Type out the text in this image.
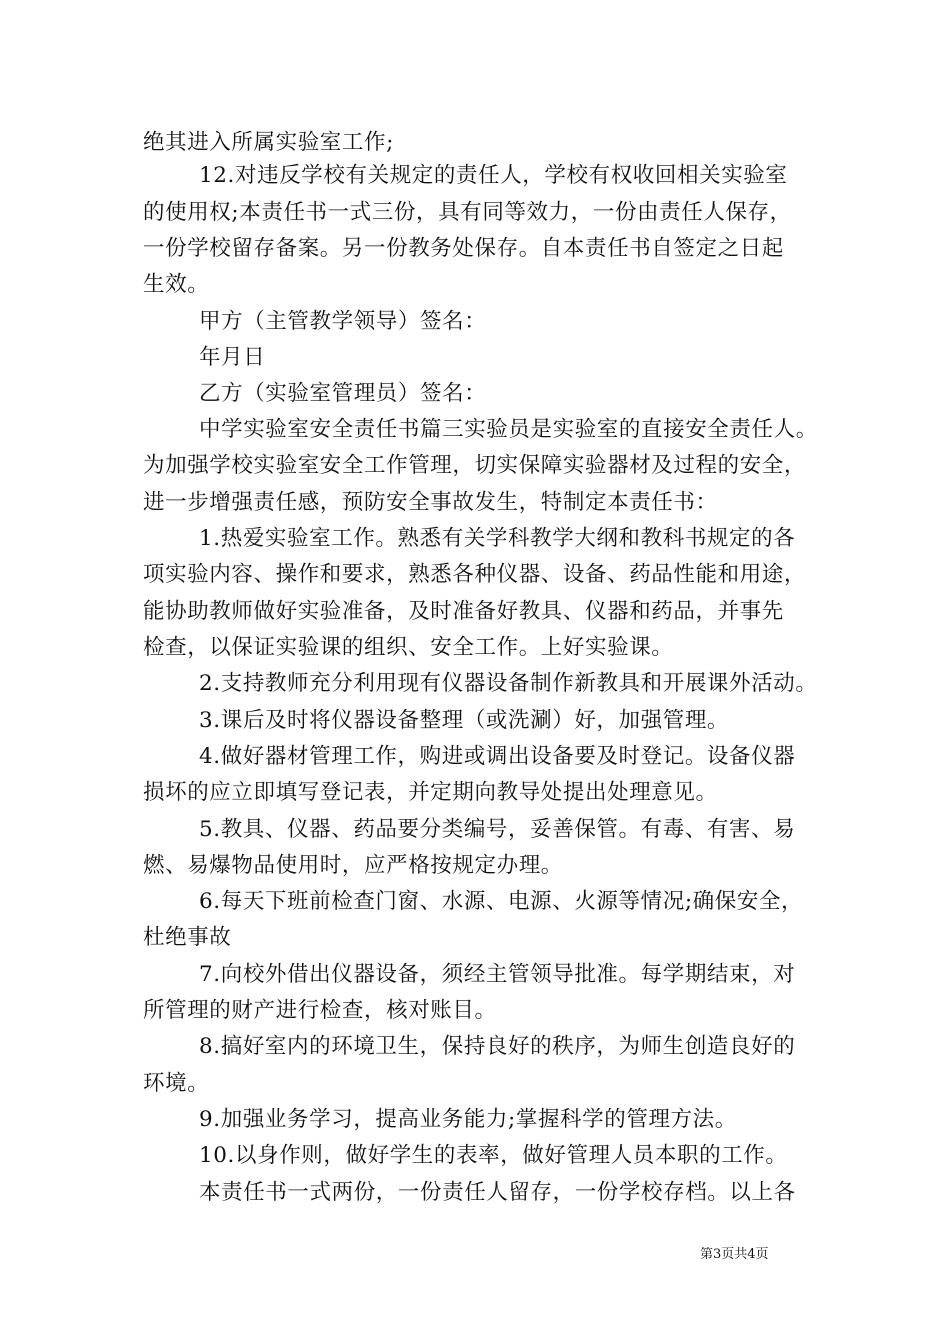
绝其进入所属实验室工作;

12.对违反学校有关规定的责任人，学校有权收回相关实验室

的使用权;本责任书一式三份，具有同等效力，一份由责任人保存，

一份学校留存备案。另一份教务处保存。自本责任书自签定之日起

生效。

甲方（主管教学领导）签名：

年月日

乙方（实验室管理员）签名：

中学实验室安全责任书篇三实验员是实验室的直接安全责任人。

为加强学校实验室安全工作管理，切实保障实验器材及过程的安全，

进一步增强责任感，预防安全事故发生，特制定本责任书：

1.热爱实验室工作。熟悉有关学科教学大纲和教科书规定的各

项实验内容、操作和要求，熟悉各种仪器、设备、药品性能和用途，

能协助教师做好实验准备，及时准备好教具、仪器和药品，并事先

检查，以保证实验课的组织、安全工作。上好实验课。

2.支持教师充分利用现有仪器设备制作新教具和开展课外活动。

3.课后及时将仪器设备整理（或洗涮）好，加强管理。

4.做好器材管理工作，购进或调出设备要及时登记。设备仪器

损坏的应立即填写登记表，并定期向教导处提出处理意见。

5.教具、仪器、药品要分类编号，妥善保管。有毒、有害、易

燃、易爆物品使用时，应严格按规定办理。

6.每天下班前检查门窗、水源、电源、火源等情况;确保安全，

杜绝事故

7.向校外借出仪器设备，须经主管领导批准。每学期结束，对

所管理的财产进行检查，核对账目。

8.搞好室内的环境卫生，保持良好的秩序，为师生创造良好的

环境。

9.加强业务学习，提高业务能力;掌握科学的管理方法。

10.以身作则，做好学生的表率，做好管理人员本职的工作。

本责任书一式两份，一份责任人留存，一份学校存档。以上各

第3页共4页
